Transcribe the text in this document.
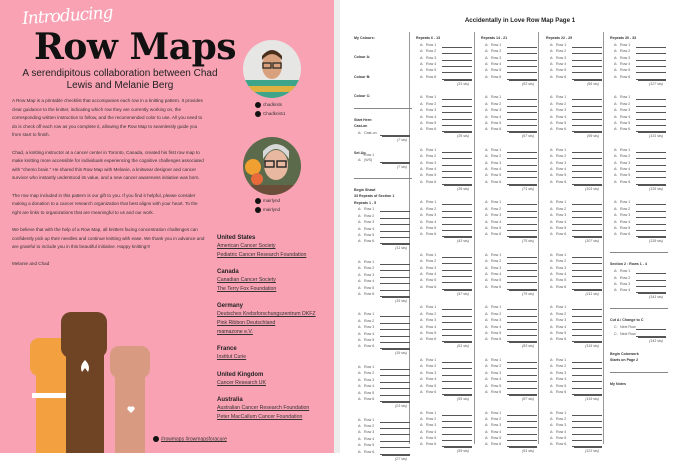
Introducing
Row Maps
A serendipitous collaboration between Chad Lewis and Melanie Berg

A Row Map is a printable checklist that accompanies each row in a knitting pattern. It provides clear guidance to the knitter, indicating which row they are currently working on, the corresponding written instruction to follow, and the recommended color to use. All you need to do is check off each row as you complete it, allowing the Row Map to seamlessly guide you from start to finish.

Chad, a knitting instructor at a cancer center in Toronto, Canada, created his first row map to make knitting more accessible for individuals experiencing the cognitive challenges associated with "chemo brain." He shared this Row Map with Melanie, a knitwear designer and cancer survivor who instantly understood its value, and a new cancer awareness initiative was born.

The row map included in this pattern is our gift to you. If you find it helpful, please consider making a donation to a cancer research organization that best aligns with your heart. To the right are links to organizations that are meaningful to us and our work.

We believe that with the help of a Row Map, all knitters facing concentration challenges can confidently pick up their needles and continue knitting with ease. We thank you in advance and are grateful to include you in this beautiful initiative. Happy knitting!!!

Melanie and Chad

chadknits
Chadknits1
mairlynd
mairlynd
United States
American Cancer Society
Pediatric Cancer Research Foundation
Canada
Canadian Cancer Society
The Terry Fox Foundation
Germany
Deutsches Krebsforschungszentrum DKFZ
Pink Ribbon Deutschland
mamazone e.V.
France
Institut Curie
United Kingdom
Cancer Research UK
Australia
Australian Cancer Research Foundation
Peter MacCallum Cancer Foundation
#rowmaps #rowmapsforacure
Accidentally in Love Row Map Page 1
My Colours:
Colour A:
Colour B:
Colour C:
Start Here:
Cast-on
A: Cast-on
(7 sts)
Set-Up
A:
Row 1 (WS)
(7 sts)
Begin Shawl
33 Repeats of Section 1
Repeats 1 - 5
A: Row 1
A: Row 2
A: Row 3
A: Row 4
A: Row 5
A: Row 6
(11 sts)
A: Row 1
A: Row 2
A: Row 3
A: Row 4
A: Row 5
A: Row 6
(15 sts)
A: Row 1
A: Row 2
A: Row 3
A: Row 4
A: Row 5
A: Row 6
(19 sts)
A: Row 1
A: Row 2
A: Row 3
A: Row 4
A: Row 5
A: Row 6
(23 sts)
A: Row 1
A: Row 2
A: Row 3
A: Row 4
A: Row 5
A: Row 6
(27 sts)
Repeats 6 - 13
A: Row 1
A: Row 2
A: Row 3
A: Row 4
A: Row 5
A: Row 6
(31 sts)
A: Row 1
A: Row 2
A: Row 3
A: Row 4
A: Row 5
A: Row 6
(35 sts)
A: Row 1
A: Row 2
A: Row 3
A: Row 4
A: Row 5
A: Row 6
(39 sts)
A: Row 1
A: Row 2
A: Row 3
A: Row 4
A: Row 5
A: Row 6
(43 sts)
A: Row 1
A: Row 2
A: Row 3
A: Row 4
A: Row 5
A: Row 6
(47 sts)
A: Row 1
A: Row 2
A: Row 3
A: Row 4
A: Row 5
A: Row 6
(51 sts)
A: Row 1
A: Row 2
A: Row 3
A: Row 4
A: Row 5
A: Row 6
(55 sts)
A: Row 1
A: Row 2
A: Row 3
A: Row 4
A: Row 5
A: Row 6
(59 sts)
Repeats 14 - 21
A: Row 1
A: Row 2
A: Row 3
A: Row 4
A: Row 5
A: Row 6
(63 sts)
A: Row 1
A: Row 2
A: Row 3
A: Row 4
A: Row 5
A: Row 6
(67 sts)
A: Row 1
A: Row 2
A: Row 3
A: Row 4
A: Row 5
A: Row 6
(71 sts)
A: Row 1
A: Row 2
A: Row 3
A: Row 4
A: Row 5
A: Row 6
(75 sts)
A: Row 1
A: Row 2
A: Row 3
A: Row 4
A: Row 5
A: Row 6
(79 sts)
A: Row 1
A: Row 2
A: Row 3
A: Row 4
A: Row 5
A: Row 6
(83 sts)
A: Row 1
A: Row 2
A: Row 3
A: Row 4
A: Row 5
A: Row 6
(87 sts)
A: Row 1
A: Row 2
A: Row 3
A: Row 4
A: Row 5
A: Row 6
(91 sts)
Repeats 22 - 29
A: Row 1
A: Row 2
A: Row 3
A: Row 4
A: Row 5
A: Row 6
(95 sts)
A: Row 1
A: Row 2
A: Row 3
A: Row 4
A: Row 5
A: Row 6
(99 sts)
A: Row 1
A: Row 2
A: Row 3
A: Row 4
A: Row 5
A: Row 6
(103 sts)
A: Row 1
A: Row 2
A: Row 3
A: Row 4
A: Row 5
A: Row 6
(107 sts)
A: Row 1
A: Row 2
A: Row 3
A: Row 4
A: Row 5
A: Row 6
(111 sts)
A: Row 1
A: Row 2
A: Row 3
A: Row 4
A: Row 5
A: Row 6
(115 sts)
A: Row 1
A: Row 2
A: Row 3
A: Row 4
A: Row 5
A: Row 6
(119 sts)
A: Row 1
A: Row 2
A: Row 3
A: Row 4
A: Row 5
A: Row 6
(123 sts)
Repeats 30 - 33
A: Row 1
A: Row 2
A: Row 3
A: Row 4
A: Row 5
A: Row 6
(127 sts)
A: Row 1
A: Row 2
A: Row 3
A: Row 4
A: Row 5
A: Row 6
(131 sts)
A: Row 1
A: Row 2
A: Row 3
A: Row 4
A: Row 5
A: Row 6
(135 sts)
A: Row 1
A: Row 2
A: Row 3
A: Row 4
A: Row 5
A: Row 6
(139 sts)
Section 2 : Rows 1 - 4
A: Row 1
A: Row 2
A: Row 3
A: Row 4
(141 sts)
Cut A / Change to C
C: Next Row
C: Next Row
(143 sts)
Begin Colorwork
Starts on Page 2
My Notes
